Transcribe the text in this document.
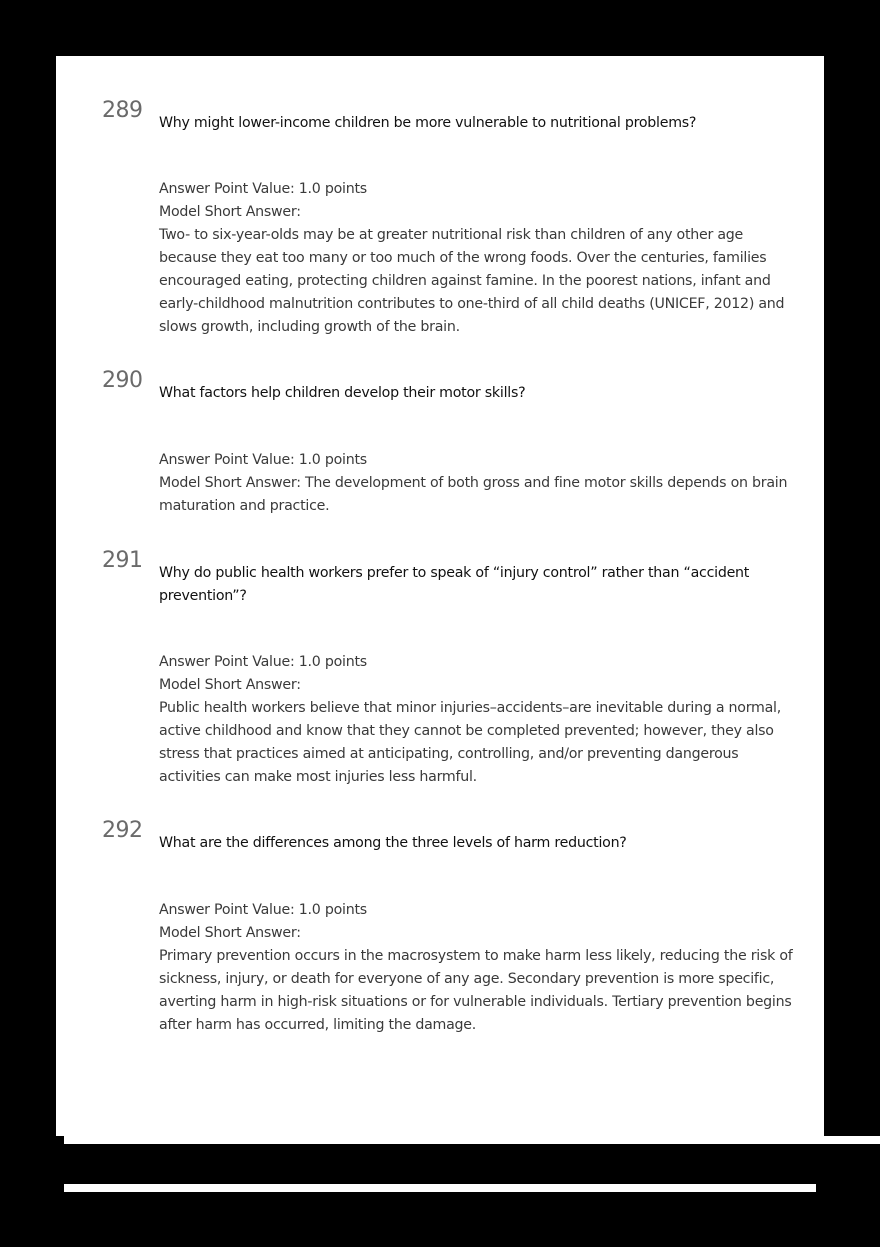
289 Why might lower-income children be more vulnerable to nutritional problems?
Answer Point Value: 1.0 points
Model Short Answer:
Two- to six-year-olds may be at greater nutritional risk than children of any other age because they eat too many or too much of the wrong foods. Over the centuries, families encouraged eating, protecting children against famine. In the poorest nations, infant and early-childhood malnutrition contributes to one-third of all child deaths (UNICEF, 2012) and slows growth, including growth of the brain.
290 What factors help children develop their motor skills?
Answer Point Value: 1.0 points
Model Short Answer: The development of both gross and fine motor skills depends on brain maturation and practice.
291 Why do public health workers prefer to speak of “injury control” rather than “accident prevention”?
Answer Point Value: 1.0 points
Model Short Answer:
Public health workers believe that minor injuries–accidents–are inevitable during a normal, active childhood and know that they cannot be completed prevented; however, they also stress that practices aimed at anticipating, controlling, and/or preventing dangerous activities can make most injuries less harmful.
292 What are the differences among the three levels of harm reduction?
Answer Point Value: 1.0 points
Model Short Answer:
Primary prevention occurs in the macrosystem to make harm less likely, reducing the risk of sickness, injury, or death for everyone of any age. Secondary prevention is more specific, averting harm in high-risk situations or for vulnerable individuals. Tertiary prevention begins after harm has occurred, limiting the damage.
